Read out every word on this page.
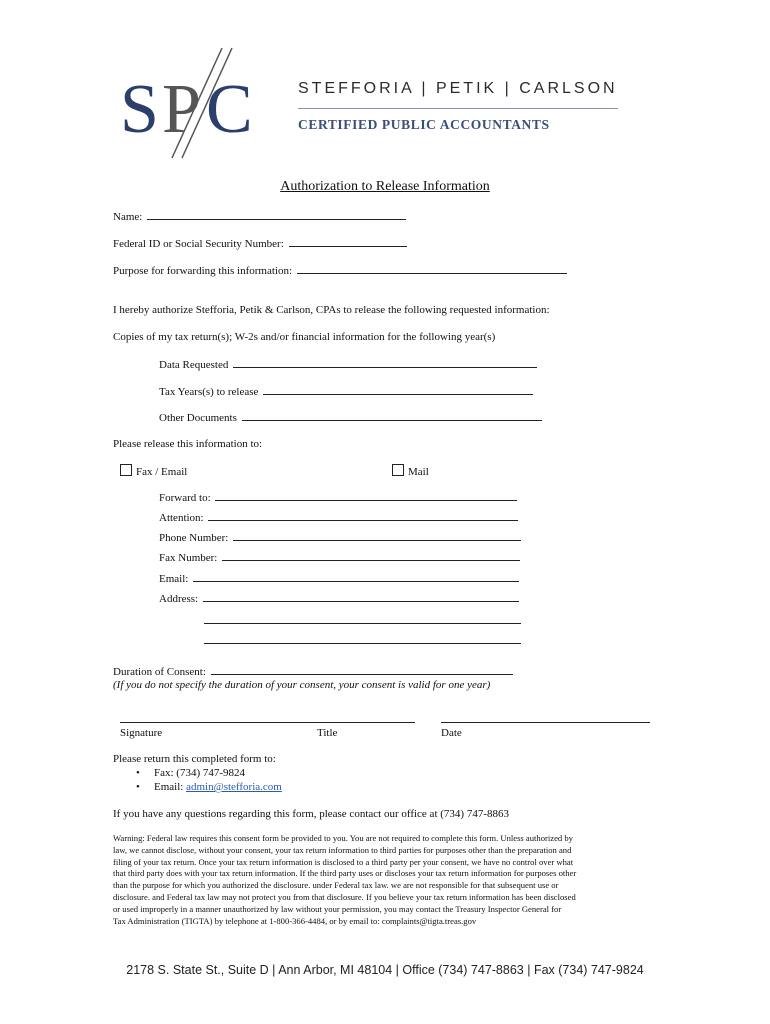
S P C	STEFFORIA | PETIK | CARLSON
CERTIFIED PUBLIC ACCOUNTANTS
Authorization to Release Information
Name:
Federal ID or Social Security Number:
Purpose for forwarding this information:
I hereby authorize Stefforia, Petik & Carlson, CPAs to release the following requested information:
Copies of my tax return(s); W-2s and/or financial information for the following year(s)
Data Requested
Tax Years(s) to release
Other Documents
Please release this information to:
Fax / Email	Mail
Forward to:
Attention:
Phone Number:
Fax Number:
Email:
Address:
Duration of Consent:
(If you do not specify the duration of your consent, your consent is valid for one year)
Signature	Title	Date
Please return this completed form to:
• Fax: (734) 747-9824
• Email: admin@stefforia.com
If you have any questions regarding this form, please contact our office at (734) 747-8863
Warning: Federal law requires this consent form be provided to you. You are not required to complete this form. Unless authorized by
law, we cannot disclose, without your consent, your tax return information to third parties for purposes other than the preparation and
filing of your tax return. Once your tax return information is disclosed to a third party per your consent, we have no control over what
that third party does with your tax return information. If the third party uses or discloses your tax return information for purposes other
than the purpose for which you authorized the disclosure. under Federal tax law. we are not responsible for that subsequent use or
disclosure. and Federal tax law may not protect you from that disclosure. If you believe your tax return information has been disclosed
or used improperly in a manner unauthorized by law without your permission, you may contact the Treasury Inspector General for
Tax Administration (TIGTA) by telephone at 1-800-366-4484, or by email to: complaints@tigta.treas.gov
2178 S. State St., Suite D | Ann Arbor, MI 48104 | Office (734) 747-8863 | Fax (734) 747-9824
